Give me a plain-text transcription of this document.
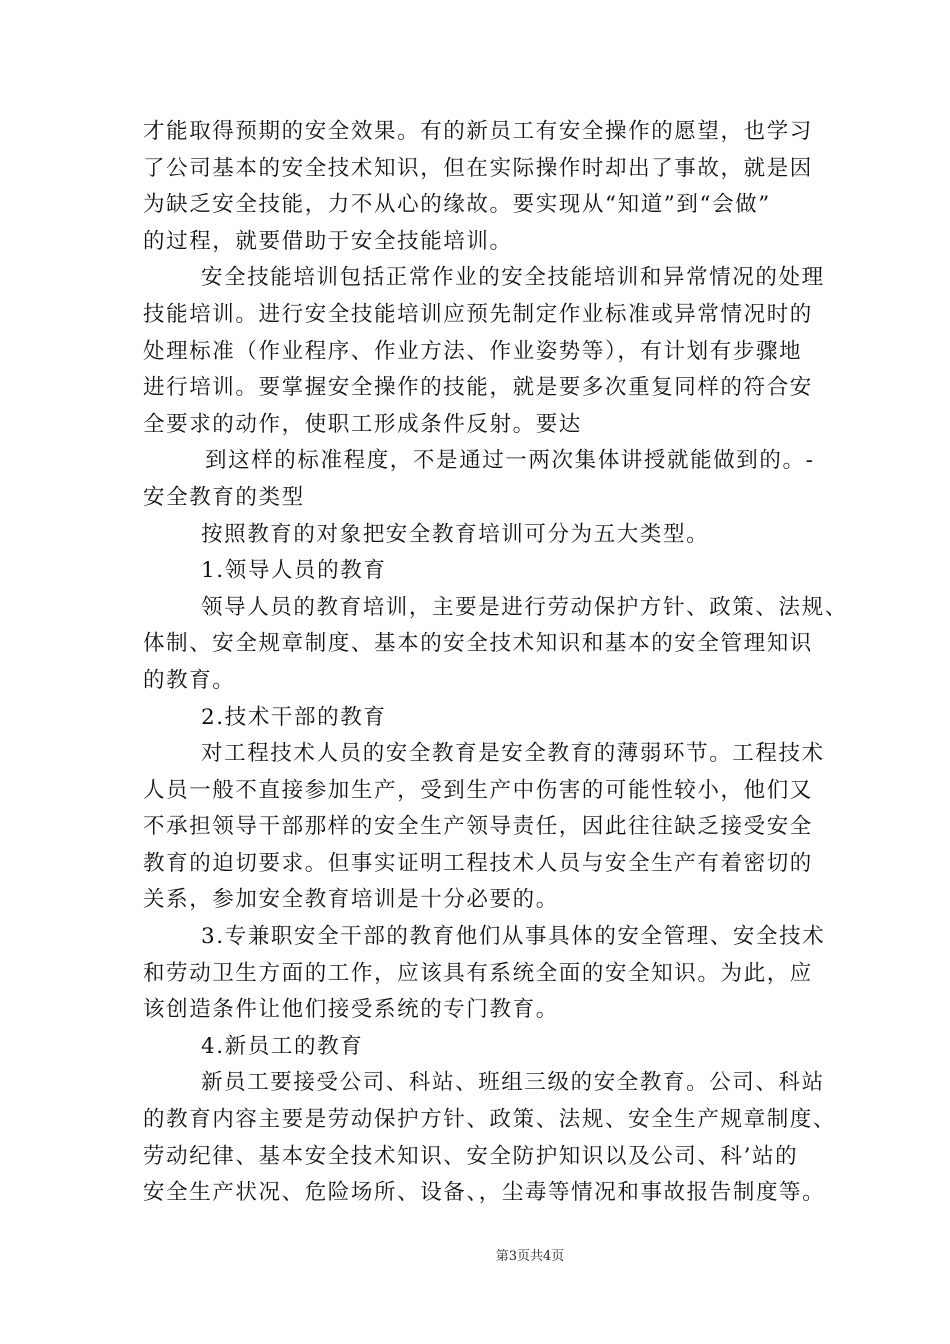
才能取得预期的安全效果。有的新员工有安全操作的愿望，也学习
了公司基本的安全技术知识，但在实际操作时却出了事故，就是因
为缺乏安全技能，力不从心的缘故。要实现从“知道”到“会做”
的过程，就要借助于安全技能培训。
安全技能培训包括正常作业的安全技能培训和异常情况的处理
技能培训。进行安全技能培训应预先制定作业标准或异常情况时的
处理标准（作业程序、作业方法、作业姿势等），有计划有步骤地
进行培训。要掌握安全操作的技能，就是要多次重复同样的符合安
全要求的动作，使职工形成条件反射。要达
到这样的标准程度，不是通过一两次集体讲授就能做到的。-
安全教育的类型
按照教育的对象把安全教育培训可分为五大类型。
1.领导人员的教育
领导人员的教育培训，主要是进行劳动保护方针、政策、法规、
体制、安全规章制度、基本的安全技术知识和基本的安全管理知识
的教育。
2.技术干部的教育
对工程技术人员的安全教育是安全教育的薄弱环节。工程技术
人员一般不直接参加生产，受到生产中伤害的可能性较小，他们又
不承担领导干部那样的安全生产领导责任，因此往往缺乏接受安全
教育的迫切要求。但事实证明工程技术人员与安全生产有着密切的
关系，参加安全教育培训是十分必要的。
3.专兼职安全干部的教育他们从事具体的安全管理、安全技术
和劳动卫生方面的工作，应该具有系统全面的安全知识。为此，应
该创造条件让他们接受系统的专门教育。
4.新员工的教育
新员工要接受公司、科站、班组三级的安全教育。公司、科站
的教育内容主要是劳动保护方针、政策、法规、安全生产规章制度、
劳动纪律、基本安全技术知识、安全防护知识以及公司、科’站的
安全生产状况、危险场所、设备、，尘毒等情况和事故报告制度等。
第3页共4页
